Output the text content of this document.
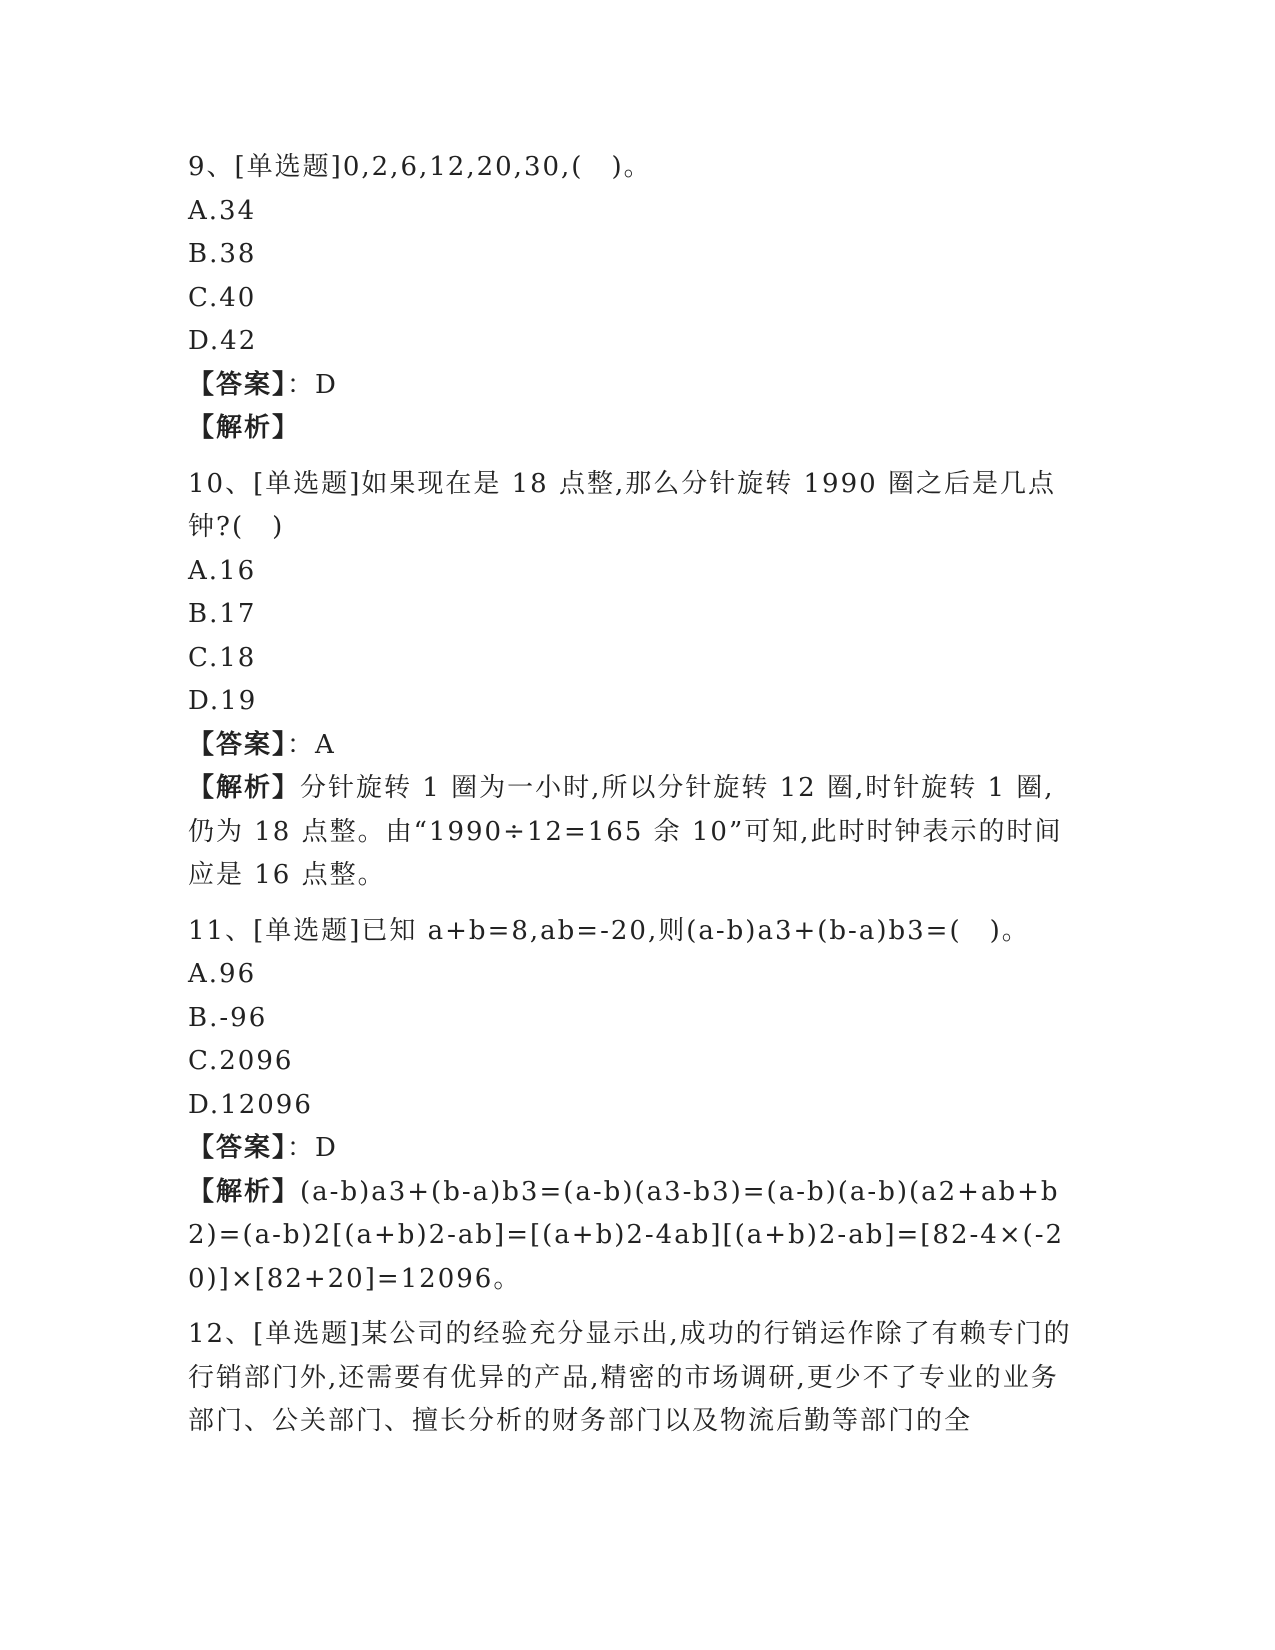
9、[单选题]0,2,6,12,20,30,(　)。
A.34
B.38
C.40
D.42
【答案】：D
【解析】
10、[单选题]如果现在是 18 点整,那么分针旋转 1990 圈之后是几点钟?(　)
A.16
B.17
C.18
D.19
【答案】：A
【解析】分针旋转 1 圈为一小时,所以分针旋转 12 圈,时针旋转 1 圈,仍为 18 点整。由“1990÷12=165 余 10”可知,此时时钟表示的时间应是 16 点整。
11、[单选题]已知 a+b=8,ab=-20,则(a-b)a3+(b-a)b3=(　)。
A.96
B.-96
C.2096
D.12096
【答案】：D
【解析】(a-b)a3+(b-a)b3=(a-b)(a3-b3)=(a-b)(a-b)(a2+ab+b2)=(a-b)2[(a+b)2-ab]=[(a+b)2-4ab][(a+b)2-ab]=[82-4×(-20)]×[82+20]=12096。
12、[单选题]某公司的经验充分显示出,成功的行销运作除了有赖专门的行销部门外,还需要有优异的产品,精密的市场调研,更少不了专业的业务部门、公关部门、擅长分析的财务部门以及物流后勤等部门的全
